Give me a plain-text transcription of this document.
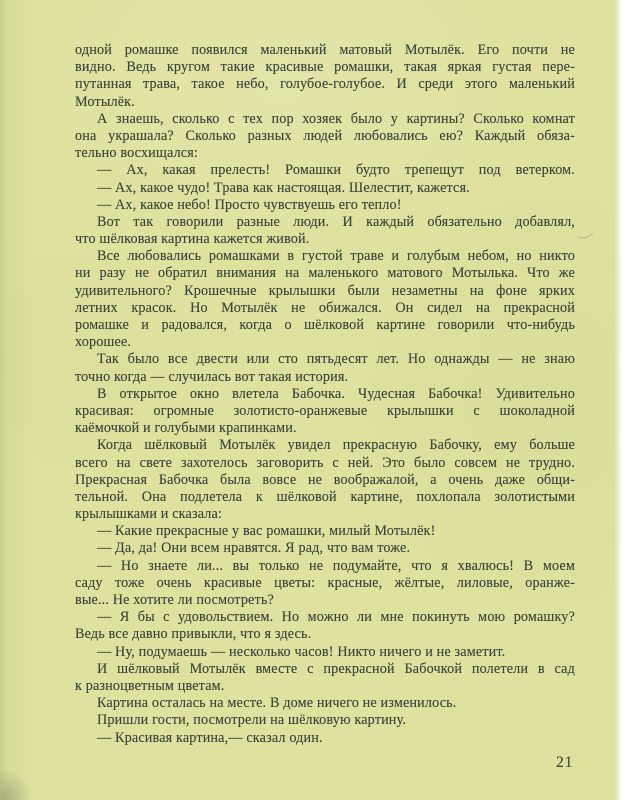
одной ромашке появился маленький матовый Мотылёк. Его почти не
видно. Ведь кругом такие красивые ромашки, такая яркая густая пере-
путанная трава, такое небо, голубое-голубое. И среди этого маленький
Мотылёк.
А знаешь, сколько с тех пор хозяек было у картины? Сколько комнат
она украшала? Сколько разных людей любовались ею? Каждый обяза-
тельно восхищался:
— Ах, какая прелесть! Ромашки будто трепещут под ветерком.
— Ах, какое чудо! Трава как настоящая. Шелестит, кажется.
— Ах, какое небо! Просто чувствуешь его тепло!
Вот так говорили разные люди. И каждый обязательно добавлял,
что шёлковая картина кажется живой.
Все любовались ромашками в густой траве и голубым небом, но никто
ни разу не обратил внимания на маленького матового Мотылька. Что же
удивительного? Крошечные крылышки были незаметны на фоне ярких
летних красок. Но Мотылёк не обижался. Он сидел на прекрасной
ромашке и радовался, когда о шёлковой картине говорили что-нибудь
хорошее.
Так было все двести или сто пятьдесят лет. Но однажды — не знаю
точно когда — случилась вот такая история.
В открытое окно влетела Бабочка. Чудесная Бабочка! Удивительно
красивая: огромные золотисто-оранжевые крылышки с шоколадной
каёмочкой и голубыми крапинками.
Когда шёлковый Мотылёк увидел прекрасную Бабочку, ему больше
всего на свете захотелось заговорить с ней. Это было совсем не трудно.
Прекрасная Бабочка была вовсе не воображалой, а очень даже общи-
тельной. Она подлетела к шёлковой картине, похлопала золотистыми
крылышками и сказала:
— Какие прекрасные у вас ромашки, милый Мотылёк!
— Да, да! Они всем нравятся. Я рад, что вам тоже.
— Но знаете ли... вы только не подумайте, что я хвалюсь! В моем
саду тоже очень красивые цветы: красные, жёлтые, лиловые, оранже-
вые... Не хотите ли посмотреть?
— Я бы с удовольствием. Но можно ли мне покинуть мою ромашку?
Ведь все давно привыкли, что я здесь.
— Ну, подумаешь — несколько часов! Никто ничего и не заметит.
И шёлковый Мотылёк вместе с прекрасной Бабочкой полетели в сад
к разноцветным цветам.
Картина осталась на месте. В доме ничего не изменилось.
Пришли гости, посмотрели на шёлковую картину.
— Красивая картина,— сказал один.
21
